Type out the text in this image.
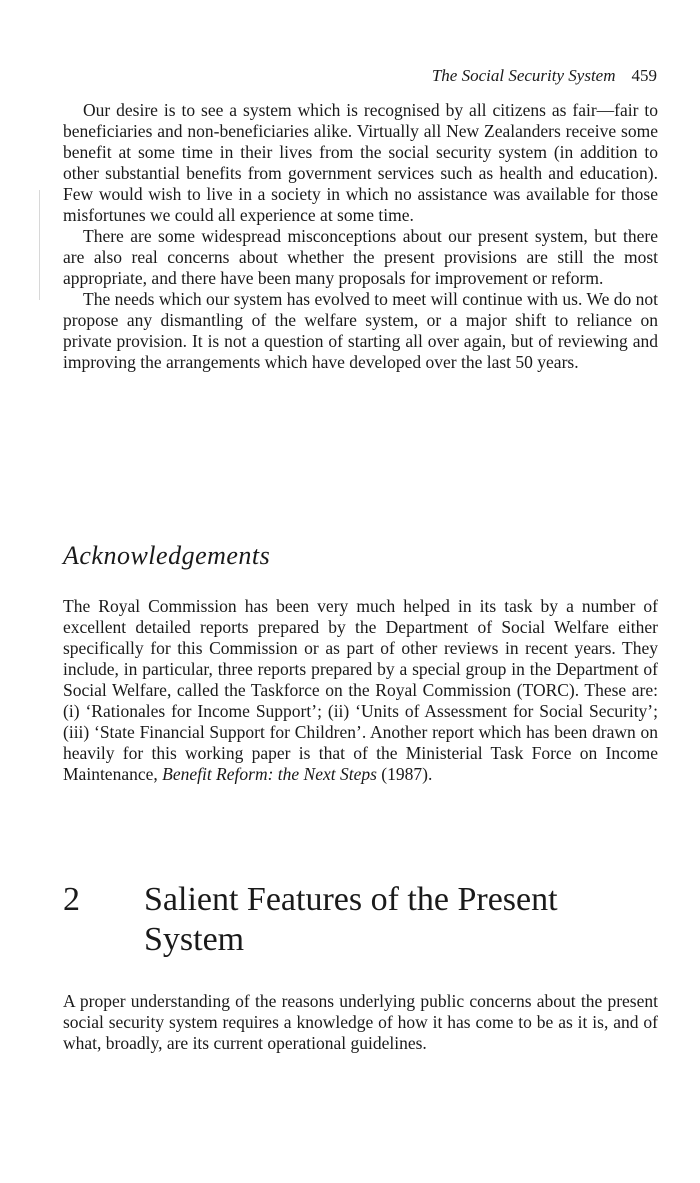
The Social Security System 459

Our desire is to see a system which is recognised by all citizens as fair—fair to beneficiaries and non-beneficiaries alike. Virtually all New Zealanders receive some benefit at some time in their lives from the social security system (in addition to other substantial benefits from government services such as health and education). Few would wish to live in a society in which no assistance was available for those misfortunes we could all experience at some time.

There are some widespread misconceptions about our present system, but there are also real concerns about whether the present provisions are still the most appropriate, and there have been many proposals for improvement or reform.

The needs which our system has evolved to meet will continue with us. We do not propose any dismantling of the welfare system, or a major shift to reliance on private provision. It is not a question of starting all over again, but of reviewing and improving the arrangements which have developed over the last 50 years.

Acknowledgements

The Royal Commission has been very much helped in its task by a number of excellent detailed reports prepared by the Department of Social Welfare either specifically for this Commission or as part of other reviews in recent years. They include, in particular, three reports prepared by a special group in the Department of Social Welfare, called the Taskforce on the Royal Commission (TORC). These are: (i) ‘Rationales for Income Support’; (ii) ‘Units of Assessment for Social Security’; (iii) ‘State Financial Support for Children’. Another report which has been drawn on heavily for this working paper is that of the Ministerial Task Force on Income Maintenance, Benefit Reform: the Next Steps (1987).

2	Salient Features of the Present System

A proper understanding of the reasons underlying public concerns about the present social security system requires a knowledge of how it has come to be as it is, and of what, broadly, are its current operational guidelines.
